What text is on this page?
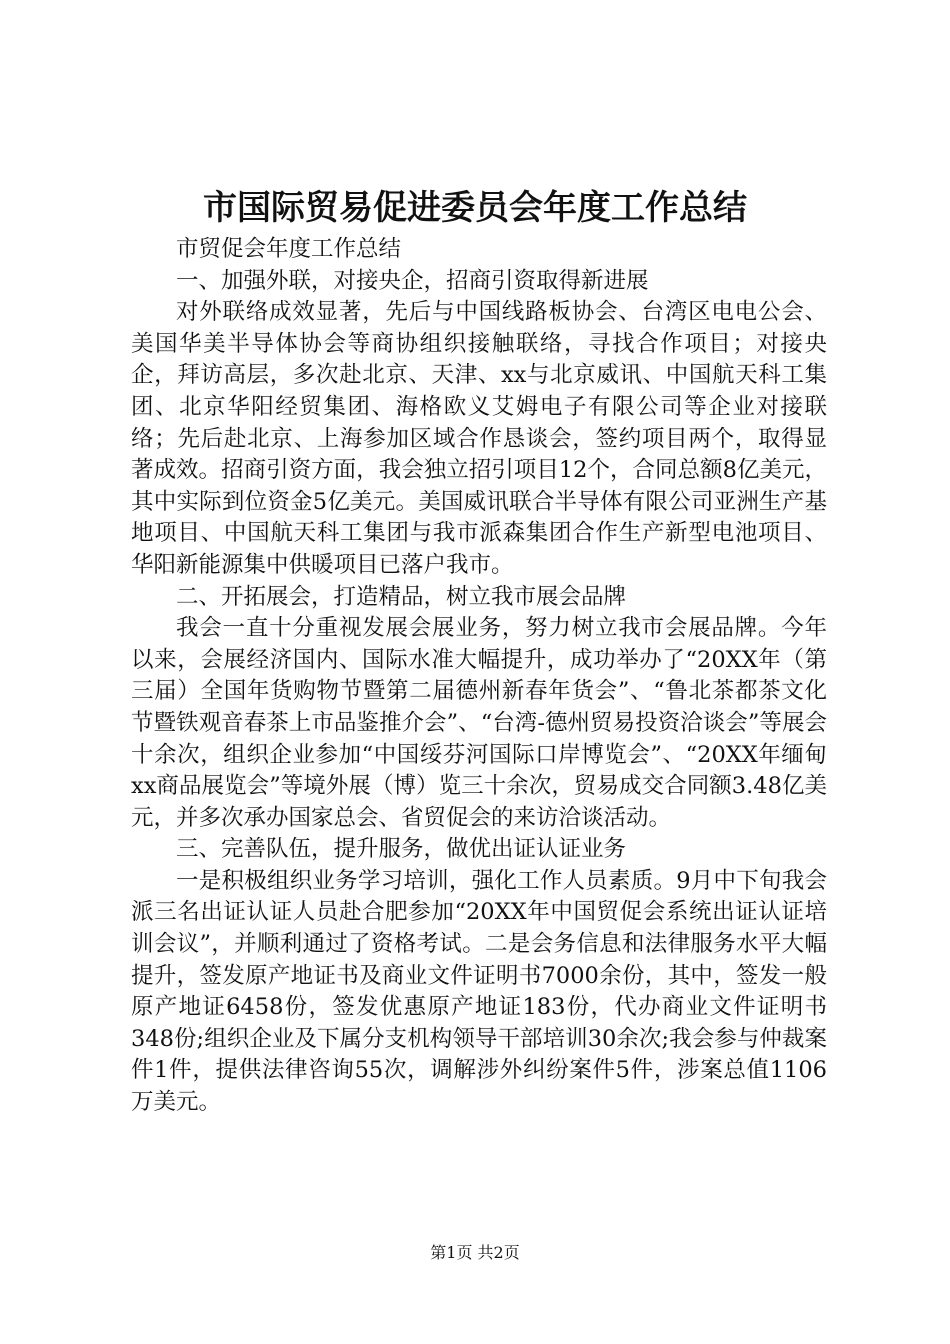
市国际贸易促进委员会年度工作总结

市贸促会年度工作总结

一、加强外联，对接央企，招商引资取得新进展

对外联络成效显著，先后与中国线路板协会、台湾区电电公会、美国华美半导体协会等商协组织接触联络，寻找合作项目；对接央企，拜访高层，多次赴北京、天津、xx与北京威讯、中国航天科工集团、北京华阳经贸集团、海格欧义艾姆电子有限公司等企业对接联络；先后赴北京、上海参加区域合作恳谈会，签约项目两个，取得显著成效。招商引资方面，我会独立招引项目12个，合同总额8亿美元，其中实际到位资金5亿美元。美国威讯联合半导体有限公司亚洲生产基地项目、中国航天科工集团与我市派森集团合作生产新型电池项目、华阳新能源集中供暖项目已落户我市。

二、开拓展会，打造精品，树立我市展会品牌

我会一直十分重视发展会展业务，努力树立我市会展品牌。今年以来，会展经济国内、国际水准大幅提升，成功举办了“20XX年（第三届）全国年货购物节暨第二届德州新春年货会”、“鲁北茶都茶文化节暨铁观音春茶上市品鉴推介会”、“台湾-德州贸易投资洽谈会”等展会十余次，组织企业参加“中国绥芬河国际口岸博览会”、“20XX年缅甸xx商品展览会”等境外展（博）览三十余次，贸易成交合同额3.48亿美元，并多次承办国家总会、省贸促会的来访洽谈活动。

三、完善队伍，提升服务，做优出证认证业务

一是积极组织业务学习培训，强化工作人员素质。9月中下旬我会派三名出证认证人员赴合肥参加“20XX年中国贸促会系统出证认证培训会议”，并顺利通过了资格考试。二是会务信息和法律服务水平大幅提升，签发原产地证书及商业文件证明书7000余份，其中，签发一般原产地证6458份，签发优惠原产地证183份，代办商业文件证明书348份;组织企业及下属分支机构领导干部培训30余次;我会参与仲裁案件1件，提供法律咨询55次，调解涉外纠纷案件5件，涉案总值1106万美元。

第1页 共2页
